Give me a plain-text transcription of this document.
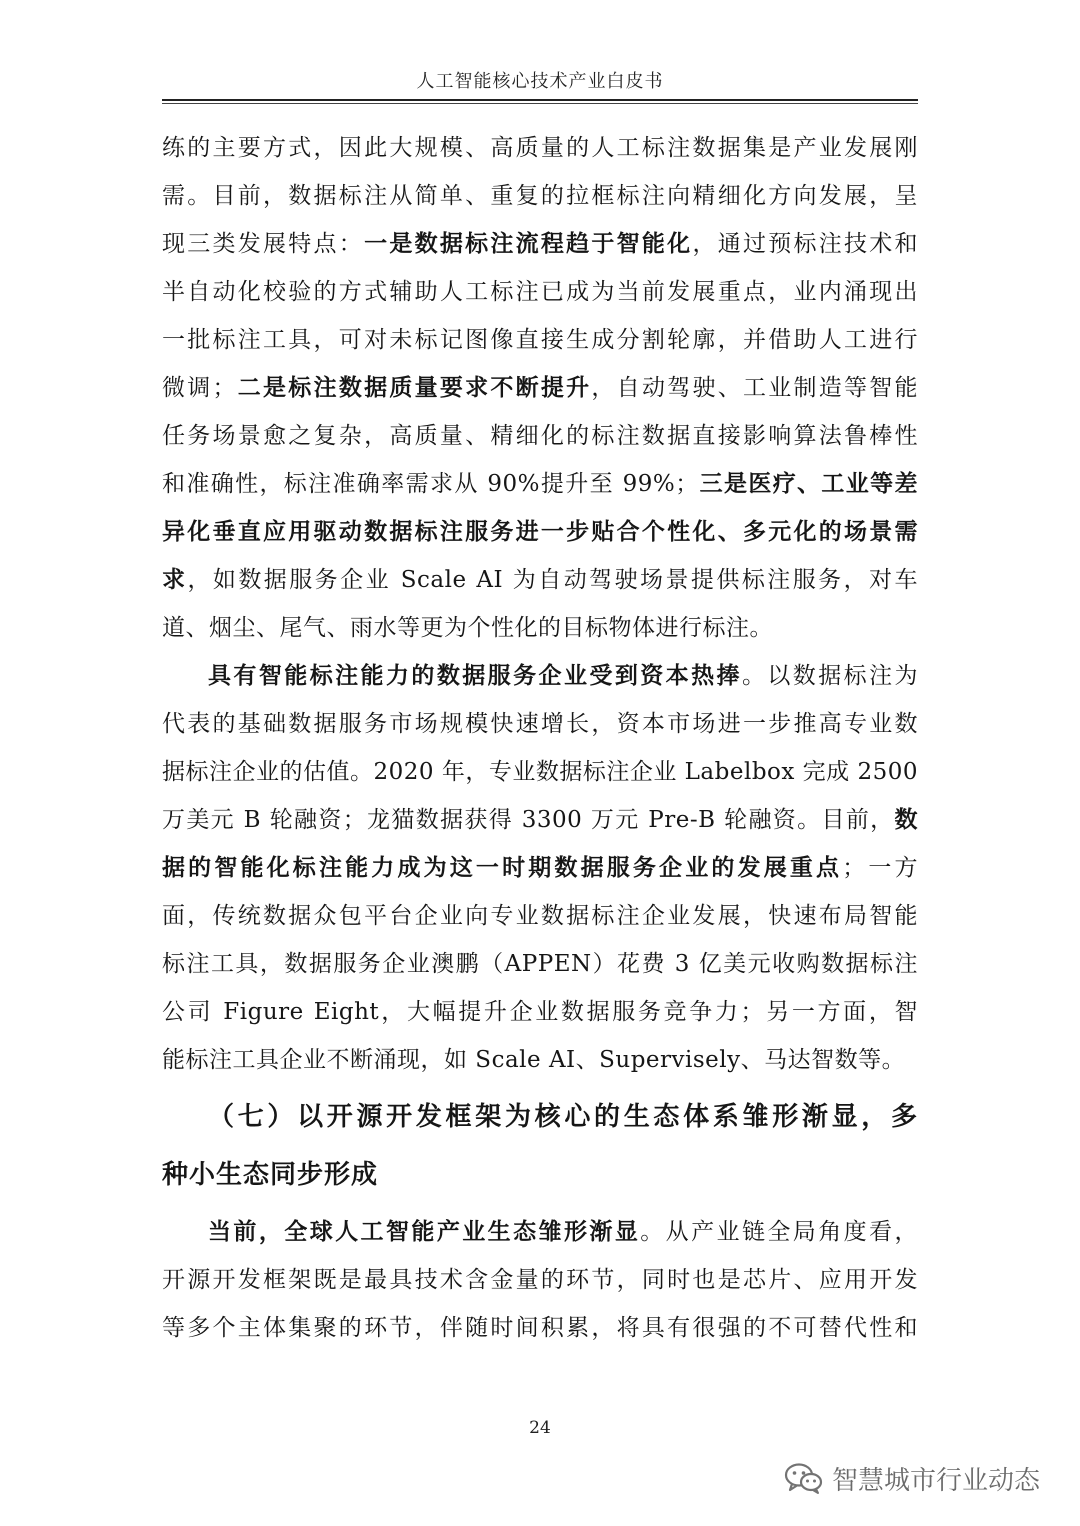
人工智能核心技术产业白皮书
练的主要方式，因此大规模、高质量的人工标注数据集是产业发展刚
需。目前，数据标注从简单、重复的拉框标注向精细化方向发展，呈
现三类发展特点：一是数据标注流程趋于智能化，通过预标注技术和
半自动化校验的方式辅助人工标注已成为当前发展重点，业内涌现出
一批标注工具，可对未标记图像直接生成分割轮廓，并借助人工进行
微调；二是标注数据质量要求不断提升，自动驾驶、工业制造等智能
任务场景愈之复杂，高质量、精细化的标注数据直接影响算法鲁棒性
和准确性，标注准确率需求从 90%提升至 99%；三是医疗、工业等差
异化垂直应用驱动数据标注服务进一步贴合个性化、多元化的场景需
求，如数据服务企业 Scale AI 为自动驾驶场景提供标注服务，对车
道、烟尘、尾气、雨水等更为个性化的目标物体进行标注。
具有智能标注能力的数据服务企业受到资本热捧。以数据标注为
代表的基础数据服务市场规模快速增长，资本市场进一步推高专业数
据标注企业的估值。2020 年，专业数据标注企业 Labelbox 完成 2500
万美元 B 轮融资；龙猫数据获得 3300 万元 Pre-B 轮融资。目前，数
据的智能化标注能力成为这一时期数据服务企业的发展重点；一方
面，传统数据众包平台企业向专业数据标注企业发展，快速布局智能
标注工具，数据服务企业澳鹏（APPEN）花费 3 亿美元收购数据标注
公司 Figure Eight，大幅提升企业数据服务竞争力；另一方面，智
能标注工具企业不断涌现，如 Scale AI、Supervisely、马达智数等。
（七）以开源开发框架为核心的生态体系雏形渐显，多
种小生态同步形成
当前，全球人工智能产业生态雏形渐显。从产业链全局角度看，
开源开发框架既是最具技术含金量的环节，同时也是芯片、应用开发
等多个主体集聚的环节，伴随时间积累，将具有很强的不可替代性和
24
智慧城市行业动态
